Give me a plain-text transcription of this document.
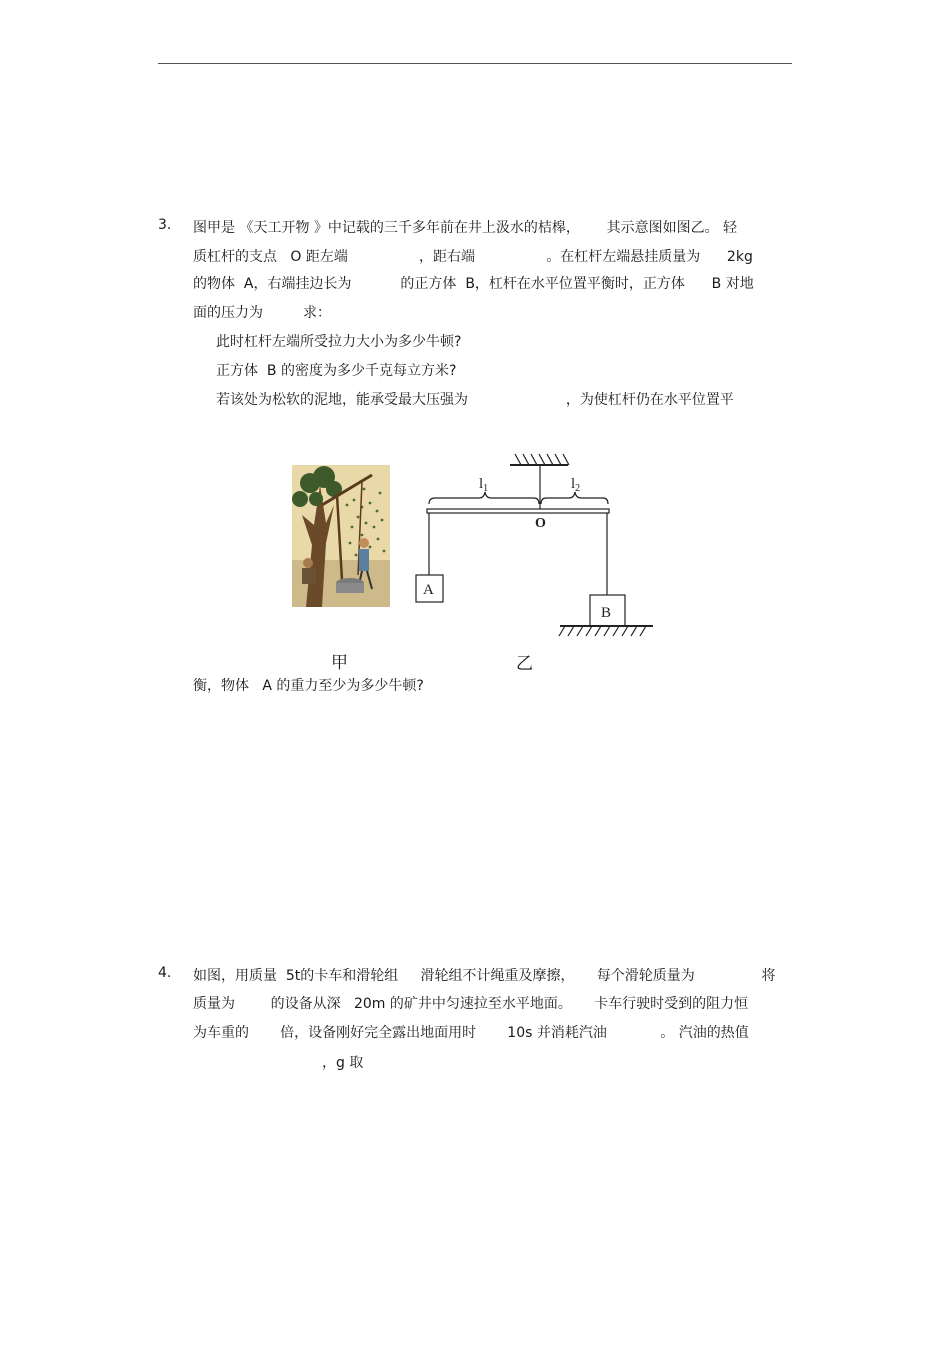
3. 图甲是 《天工开物 》中记载的三千多年前在井上汲水的桔槔，      其示意图如图乙。 轻
质杠杆的支点   O 距左端                ，距右端                。在杠杆左端悬挂质量为      2kg
的物体  A，右端挂边长为           的正方体  B，杠杆在水平位置平衡时，正方体      B 对地
面的压力为         求：
此时杠杆左端所受拉力大小为多少牛顿?
正方体  B 的密度为多少千克每立方米?
若该处为松软的泥地，能承受最大压强为                      ，为使杠杆仍在水平位置平
$l_1$	$l_2$
O
A
B
甲	乙
衡，物体   A 的重力至少为多少牛顿?
4. 如图，用质量  5t的卡车和滑轮组     滑轮组不计绳重及摩擦，     每个滑轮质量为               将
质量为        的设备从深   20m 的矿井中匀速拉至水平地面。     卡车行驶时受到的阻力恒
为车重的       倍，设备刚好完全露出地面用时       10s 并消耗汽油            。 汽油的热值
，g 取
